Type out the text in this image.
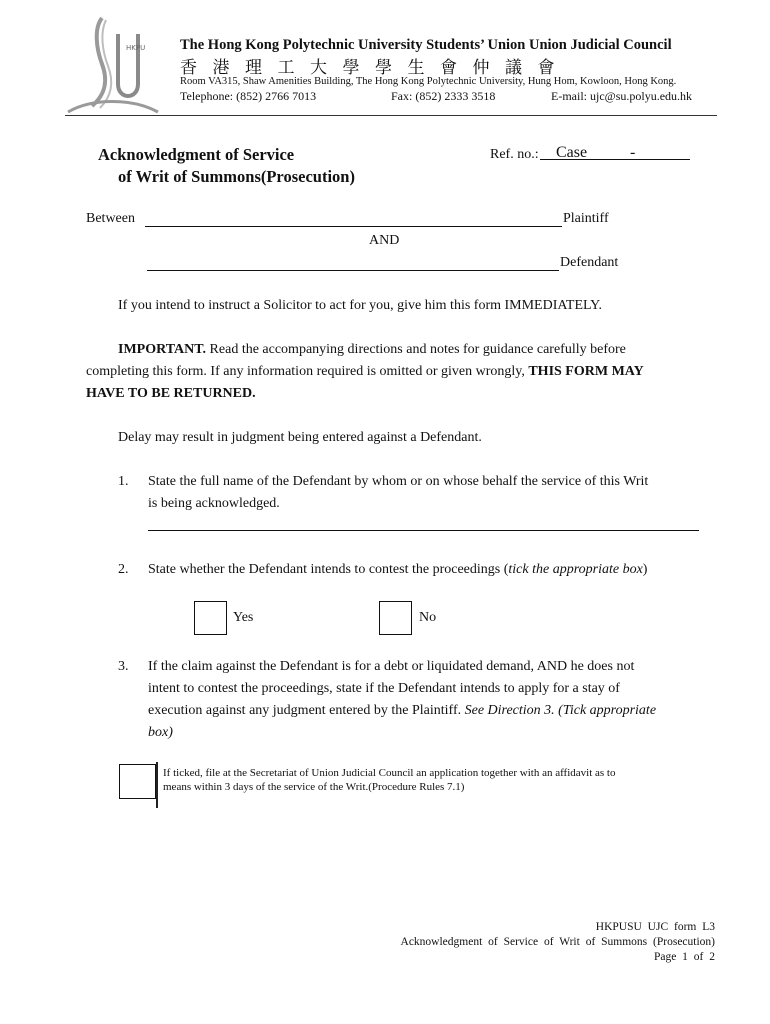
HKPU The Hong Kong Polytechnic University Students’ Union Union Judicial Council
香港理工大學學生會仲議會
Room VA315, Shaw Amenities Building, The Hong Kong Polytechnic University, Hung Hom, Kowloon, Hong Kong.
Telephone: (852) 2766 7013	Fax: (852) 2333 3518	E-mail: ujc@su.polyu.edu.hk
Acknowledgment of Service
of Writ of Summons(Prosecution)
Ref. no.: Case	-
Between	Plaintiff
AND
Defendant
If you intend to instruct a Solicitor to act for you, give him this form IMMEDIATELY.
IMPORTANT. Read the accompanying directions and notes for guidance carefully before
completing this form. If any information required is omitted or given wrongly, THIS FORM MAY
HAVE TO BE RETURNED.
Delay may result in judgment being entered against a Defendant.
1. State the full name of the Defendant by whom or on whose behalf the service of this Writ
is being acknowledged.
2. State whether the Defendant intends to contest the proceedings (tick the appropriate box)
Yes	No
3. If the claim against the Defendant is for a debt or liquidated demand, AND he does not
intent to contest the proceedings, state if the Defendant intends to apply for a stay of
execution against any judgment entered by the Plaintiff. See Direction 3. (Tick appropriate
box)
If ticked, file at the Secretariat of Union Judicial Council an application together with an affidavit as to
means within 3 days of the service of the Writ.(Procedure Rules 7.1)
HKPUSU UJC form L3
Acknowledgment of Service of Writ of Summons (Prosecution)
Page 1 of 2
